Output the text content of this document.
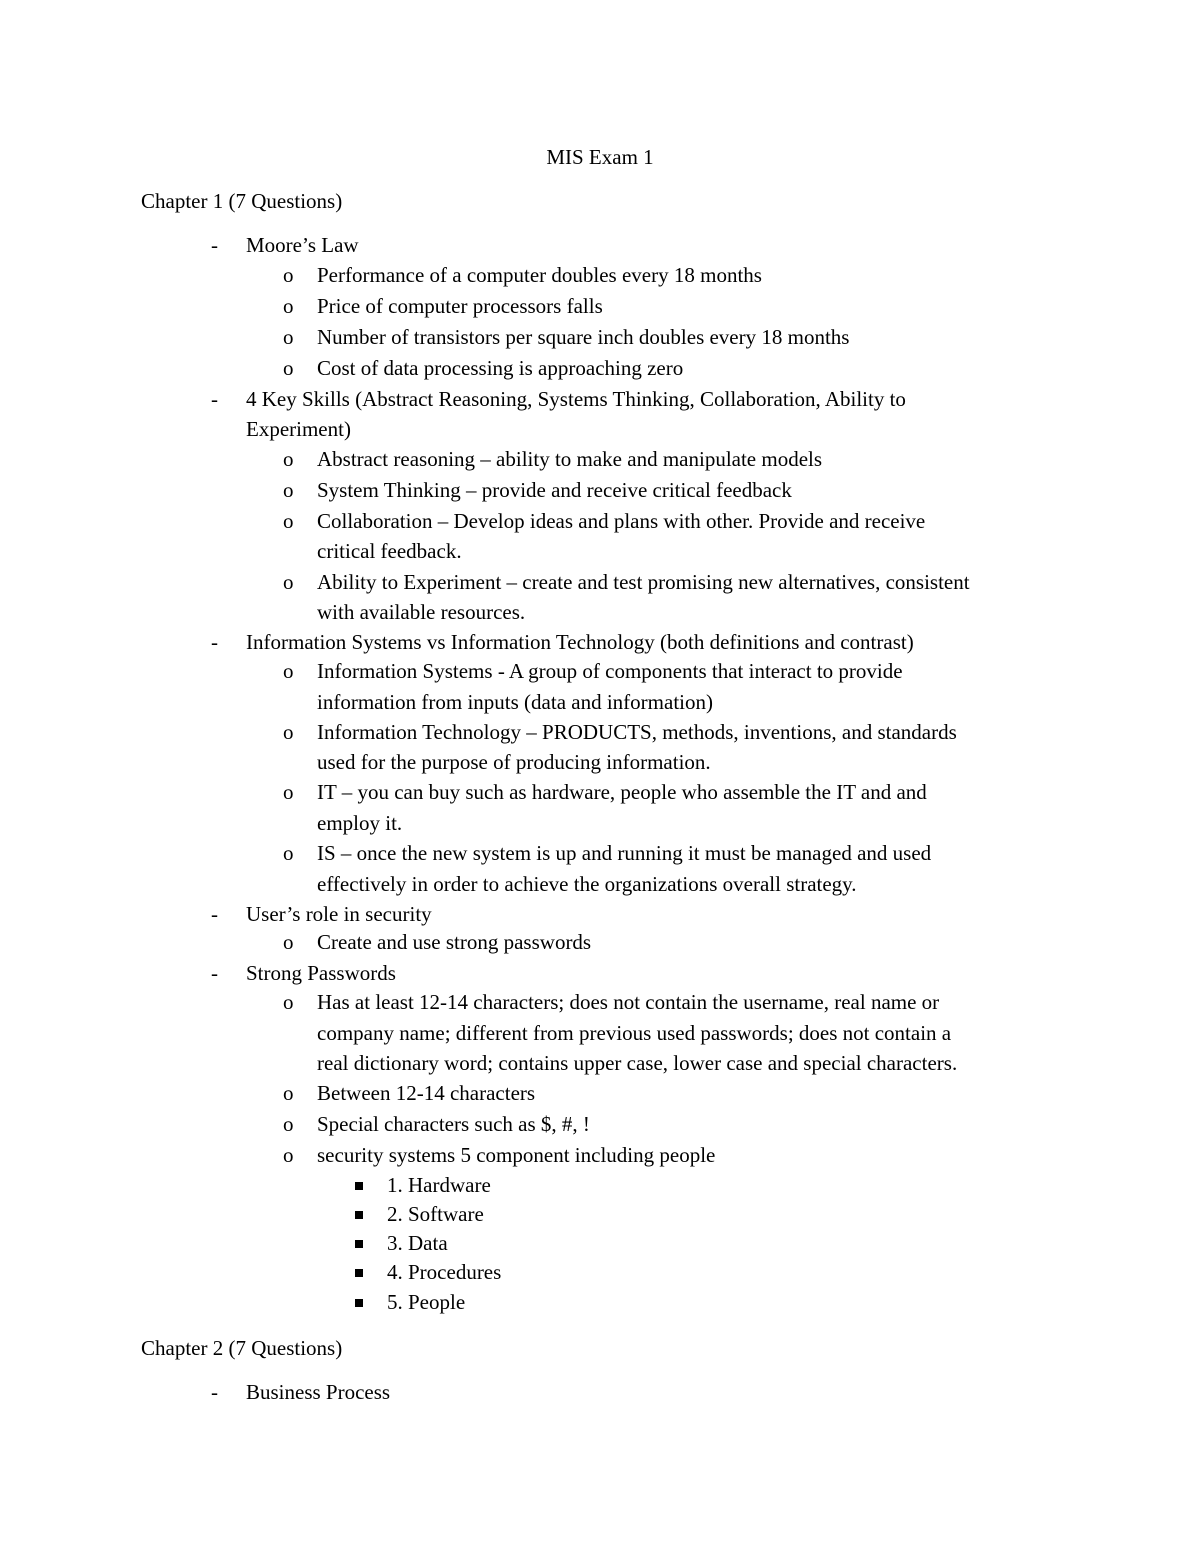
MIS Exam 1
Chapter 1 (7 Questions)
- Moore’s Law
o Performance of a computer doubles every 18 months
o Price of computer processors falls
o Number of transistors per square inch doubles every 18 months
o Cost of data processing is approaching zero
- 4 Key Skills (Abstract Reasoning, Systems Thinking, Collaboration, Ability to
Experiment)
o Abstract reasoning – ability to make and manipulate models
o System Thinking – provide and receive critical feedback
o Collaboration – Develop ideas and plans with other. Provide and receive
critical feedback.
o Ability to Experiment – create and test promising new alternatives, consistent
with available resources.
- Information Systems vs Information Technology (both definitions and contrast)
o Information Systems - A group of components that interact to provide
information from inputs (data and information)
o Information Technology – PRODUCTS, methods, inventions, and standards
used for the purpose of producing information.
o IT – you can buy such as hardware, people who assemble the IT and and
employ it.
o IS – once the new system is up and running it must be managed and used
effectively in order to achieve the organizations overall strategy.
- User’s role in security
o Create and use strong passwords
- Strong Passwords
o Has at least 12-14 characters; does not contain the username, real name or
company name; different from previous used passwords; does not contain a
real dictionary word; contains upper case, lower case and special characters.
o Between 12-14 characters
o Special characters such as $, #, !
o security systems 5 component including people
1. Hardware
2. Software
3. Data
4. Procedures
5. People
Chapter 2 (7 Questions)
- Business Process
